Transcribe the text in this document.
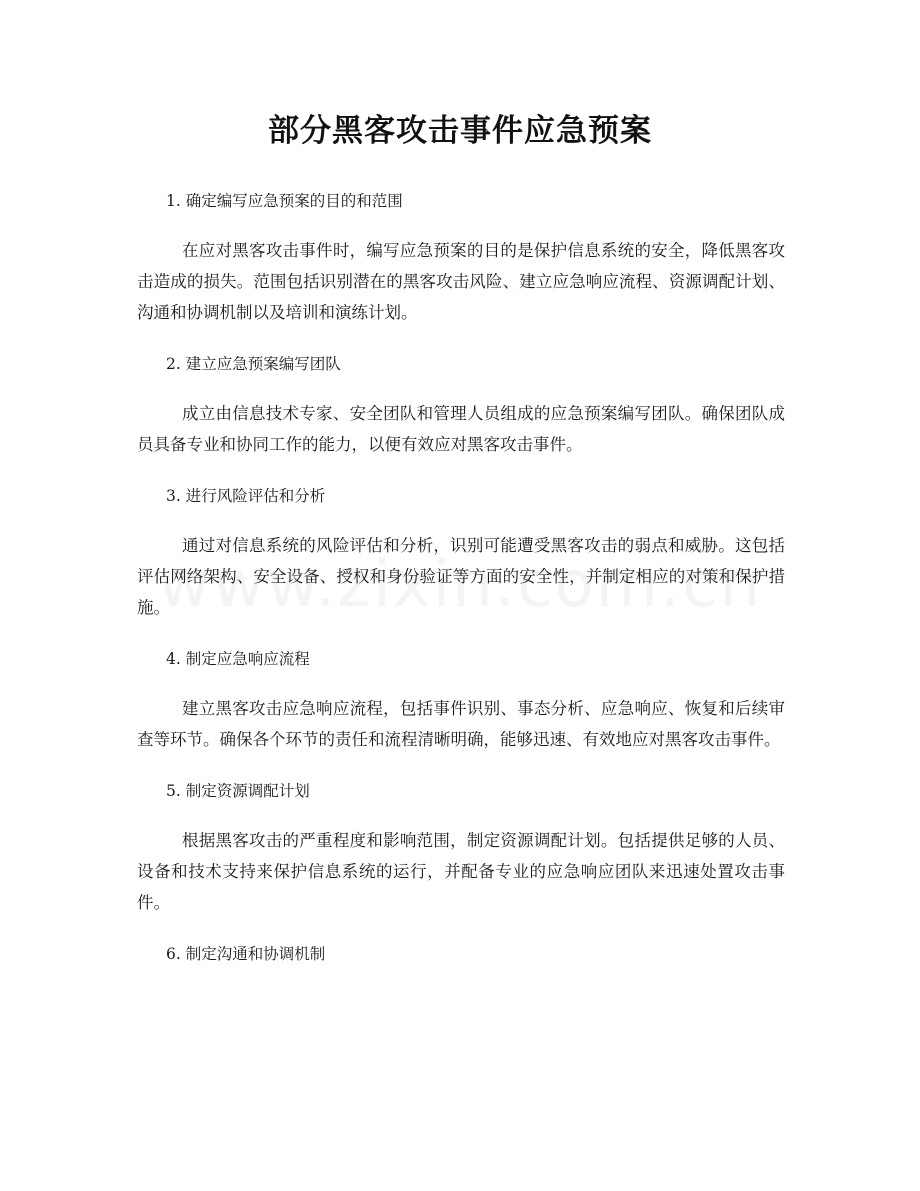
部分黑客攻击事件应急预案

1. 确定编写应急预案的目的和范围

在应对黑客攻击事件时，编写应急预案的目的是保护信息系统的安全，降低黑客攻击造成的损失。范围包括识别潜在的黑客攻击风险、建立应急响应流程、资源调配计划、沟通和协调机制以及培训和演练计划。

2. 建立应急预案编写团队

成立由信息技术专家、安全团队和管理人员组成的应急预案编写团队。确保团队成员具备专业和协同工作的能力，以便有效应对黑客攻击事件。

3. 进行风险评估和分析

通过对信息系统的风险评估和分析，识别可能遭受黑客攻击的弱点和威胁。这包括评估网络架构、安全设备、授权和身份验证等方面的安全性，并制定相应的对策和保护措施。

4. 制定应急响应流程

建立黑客攻击应急响应流程，包括事件识别、事态分析、应急响应、恢复和后续审查等环节。确保各个环节的责任和流程清晰明确，能够迅速、有效地应对黑客攻击事件。

5. 制定资源调配计划

根据黑客攻击的严重程度和影响范围，制定资源调配计划。包括提供足够的人员、设备和技术支持来保护信息系统的运行，并配备专业的应急响应团队来迅速处置攻击事件。

6. 制定沟通和协调机制
